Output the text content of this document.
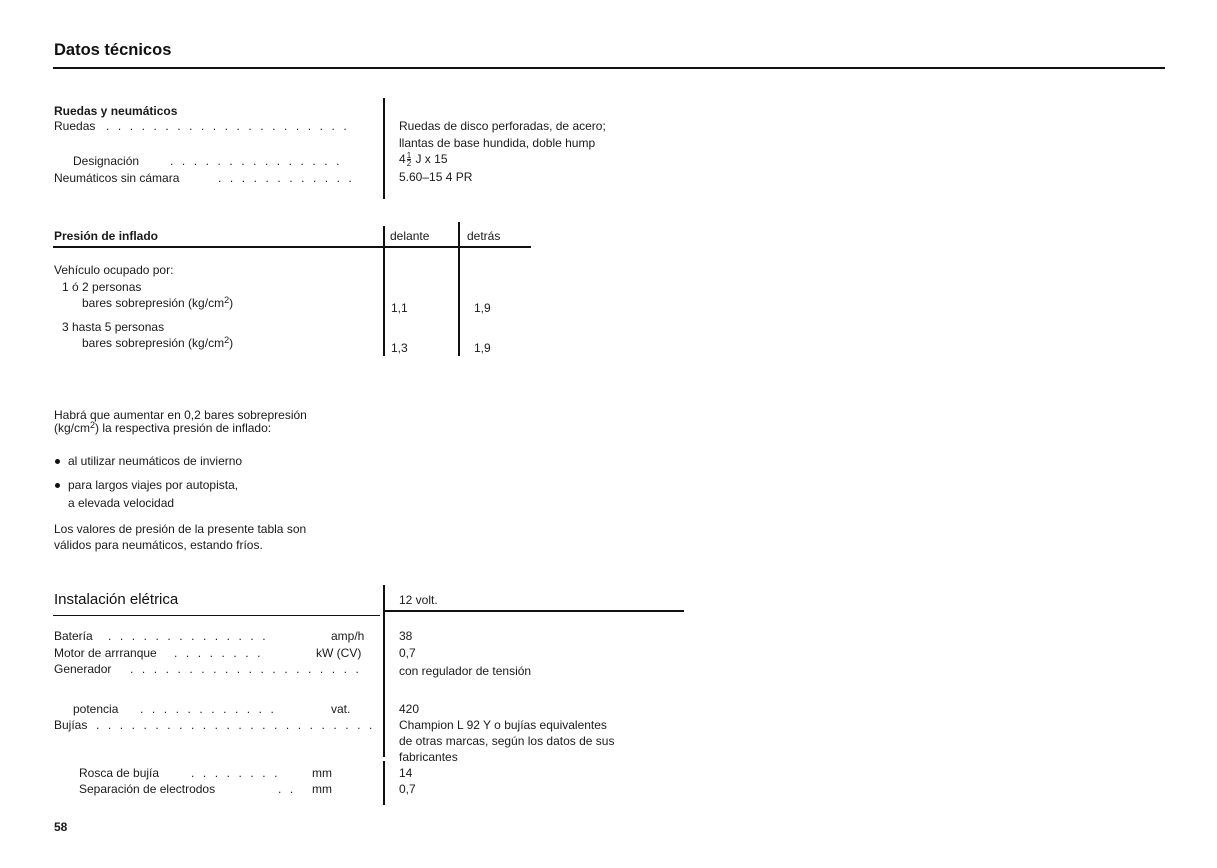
Datos técnicos
Ruedas y neumáticos
Ruedas . . . . . . . . . . . . . . . . . . . . .	Ruedas de disco perforadas, de acero;
llantas de base hundida, doble hump
Designación	. . . . . . . . . . . . . . .	$4 \frac{1}{2}$ J x 15
Neumáticos sin cámara	. . . . . . . . . . . .	5.60–15 4 PR
Presión de inflado	delante	detrás
Vehículo ocupado por:
1 ó 2 personas
bares sobrepresión $(kg/cm^2)$	1,1	1,9
3 hasta 5 personas
bares sobrepresión $(kg/cm^2)$	1,3	1,9
Habrá que aumentar en 0,2 bares sobrepresión
$(kg/cm^2)$ la respectiva presión de inflado:
al utilizar neumáticos de invierno
para largos viajes por autopista,
a elevada velocidad
Los valores de presión de la presente tabla son
válidos para neumáticos, estando fríos.
Instalación elétrica	12 volt.
Batería . . . . . . . . . . . . . .	amp/h	38
Motor de arrranque . . . . . . . .	kW (CV)	0,7
Generador . . . . . . . . . . . . . . . . . . . .	con regulador de tensión
potencia . . . . . . . . . . . .	vat.	420
Bujías . . . . . . . . . . . . . . . . . . . . . . . . Champion L 92 Y o bujías equivalentes
de otras marcas, según los datos de sus
fabricantes
Rosca de bujía	. . . . . . . .	mm	14
Separación de electrodos	. . mm	0,7
58
